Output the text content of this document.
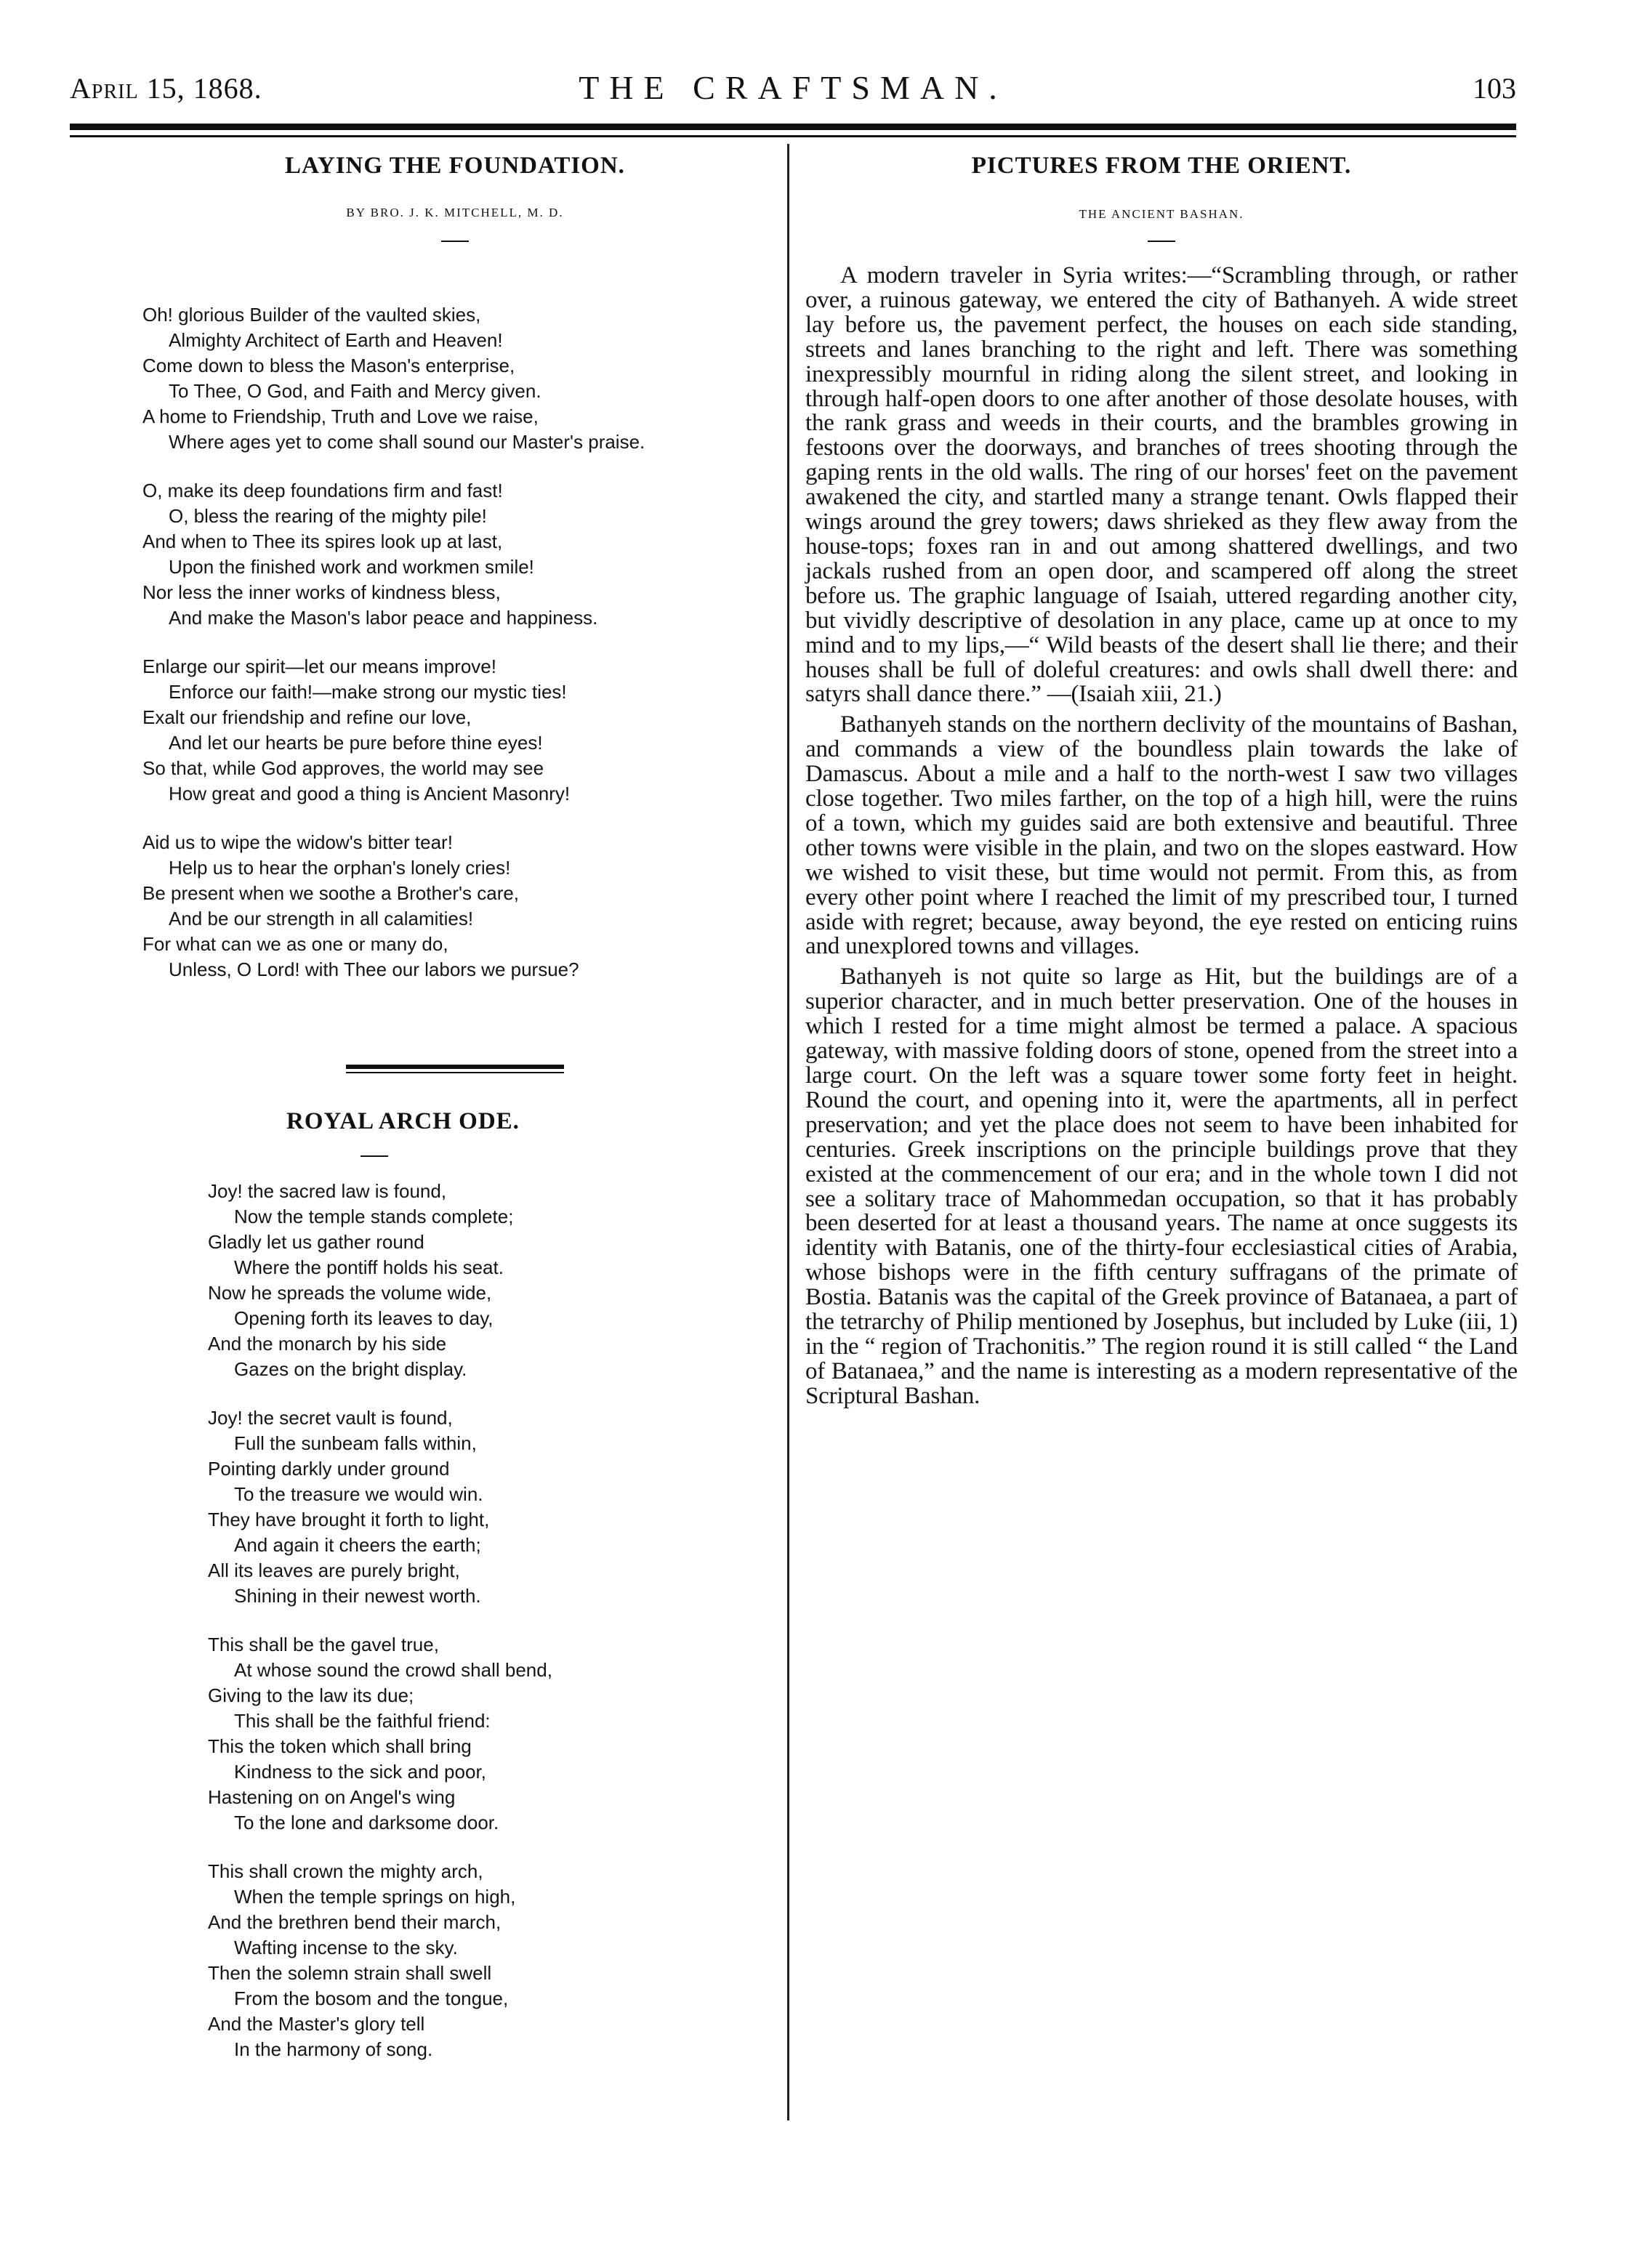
April 15, 1868.	THE CRAFTSMAN.	103
LAYING THE FOUNDATION.
BY BRO. J. K. MITCHELL, M. D.
Oh! glorious Builder of the vaulted skies,
Almighty Architect of Earth and Heaven!
Come down to bless the Mason's enterprise,
To Thee, O God, and Faith and Mercy given.
A home to Friendship, Truth and Love we raise,
Where ages yet to come shall sound our Master's praise.
O, make its deep foundations firm and fast!
O, bless the rearing of the mighty pile!
And when to Thee its spires look up at last,
Upon the finished work and workmen smile!
Nor less the inner works of kindness bless,
And make the Mason's labor peace and happiness.
Enlarge our spirit—let our means improve!
Enforce our faith!—make strong our mystic ties!
Exalt our friendship and refine our love,
And let our hearts be pure before thine eyes!
So that, while God approves, the world may see
How great and good a thing is Ancient Masonry!
Aid us to wipe the widow's bitter tear!
Help us to hear the orphan's lonely cries!
Be present when we soothe a Brother's care,
And be our strength in all calamities!
For what can we as one or many do,
Unless, O Lord! with Thee our labors we pursue?
ROYAL ARCH ODE.
Joy! the sacred law is found,
Now the temple stands complete;
Gladly let us gather round
Where the pontiff holds his seat.
Now he spreads the volume wide,
Opening forth its leaves to day,
And the monarch by his side
Gazes on the bright display.
Joy! the secret vault is found,
Full the sunbeam falls within,
Pointing darkly under ground
To the treasure we would win.
They have brought it forth to light,
And again it cheers the earth;
All its leaves are purely bright,
Shining in their newest worth.
This shall be the gavel true,
At whose sound the crowd shall bend,
Giving to the law its due;
This shall be the faithful friend:
This the token which shall bring
Kindness to the sick and poor,
Hastening on on Angel's wing
To the lone and darksome door.
This shall crown the mighty arch,
When the temple springs on high,
And the brethren bend their march,
Wafting incense to the sky.
Then the solemn strain shall swell
From the bosom and the tongue,
And the Master's glory tell
In the harmony of song.
PICTURES FROM THE ORIENT.
THE ANCIENT BASHAN.

A modern traveler in Syria writes:—“Scrambling through, or rather over, a ruinous gateway, we entered the city of Bathanyeh. A wide street lay before us, the pavement perfect, the houses on each side standing, streets and lanes branching to the right and left. There was something inexpressibly mournful in riding along the silent street, and looking in through half-open doors to one after another of those desolate houses, with the rank grass and weeds in their courts, and the brambles growing in festoons over the doorways, and branches of trees shooting through the gaping rents in the old walls. The ring of our horses' feet on the pavement awakened the city, and startled many a strange tenant. Owls flapped their wings around the grey towers; daws shrieked as they flew away from the house-tops; foxes ran in and out among shattered dwellings, and two jackals rushed from an open door, and scampered off along the street before us. The graphic language of Isaiah, uttered regarding another city, but vividly descriptive of desolation in any place, came up at once to my mind and to my lips,—“ Wild beasts of the desert shall lie there; and their houses shall be full of doleful creatures: and owls shall dwell there: and satyrs shall dance there.” —(Isaiah xiii, 21.)

Bathanyeh stands on the northern declivity of the mountains of Bashan, and commands a view of the boundless plain towards the lake of Damascus. About a mile and a half to the north-west I saw two villages close together. Two miles farther, on the top of a high hill, were the ruins of a town, which my guides said are both extensive and beautiful. Three other towns were visible in the plain, and two on the slopes eastward. How we wished to visit these, but time would not permit. From this, as from every other point where I reached the limit of my prescribed tour, I turned aside with regret; because, away beyond, the eye rested on enticing ruins and unexplored towns and villages.

Bathanyeh is not quite so large as Hit, but the buildings are of a superior character, and in much better preservation. One of the houses in which I rested for a time might almost be termed a palace. A spacious gateway, with massive folding doors of stone, opened from the street into a large court. On the left was a square tower some forty feet in height. Round the court, and opening into it, were the apartments, all in perfect preservation; and yet the place does not seem to have been inhabited for centuries. Greek inscriptions on the principle buildings prove that they existed at the commencement of our era; and in the whole town I did not see a solitary trace of Mahommedan occupation, so that it has probably been deserted for at least a thousand years. The name at once suggests its identity with Batanis, one of the thirty-four ecclesiastical cities of Arabia, whose bishops were in the fifth century suffragans of the primate of Bostia. Batanis was the capital of the Greek province of Batanaea, a part of the tetrarchy of Philip mentioned by Josephus, but included by Luke (iii, 1) in the “ region of Trachonitis.” The region round it is still called “ the Land of Batanaea,” and the name is interesting as a modern representative of the Scriptural Bashan.
